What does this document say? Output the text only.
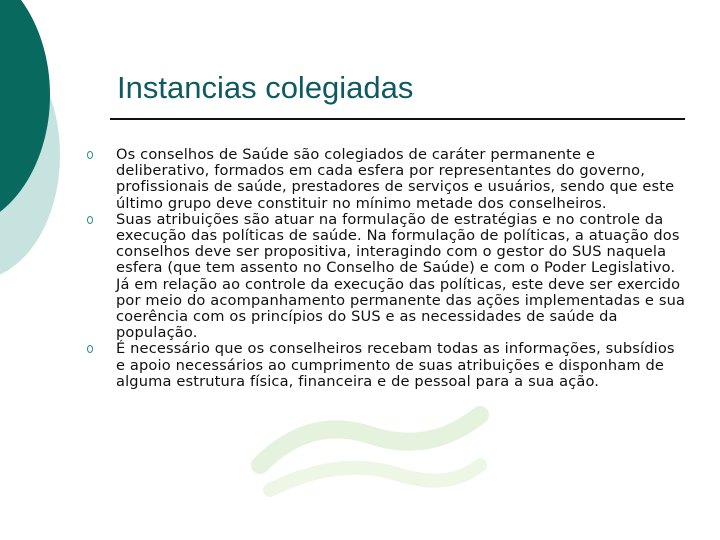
Instancias colegiadas
Os conselhos de Saúde são colegiados de caráter permanente e deliberativo, formados em cada esfera por representantes do governo, profissionais de saúde, prestadores de serviços e usuários, sendo que este último grupo deve constituir no mínimo metade dos conselheiros.
Suas atribuições são atuar na formulação de estratégias e no controle da execução das políticas de saúde. Na formulação de políticas, a atuação dos conselhos deve ser propositiva, interagindo com o gestor do SUS naquela esfera (que tem assento no Conselho de Saúde) e com o Poder Legislativo. Já em relação ao controle da execução das políticas, este deve ser exercido por meio do acompanhamento permanente das ações implementadas e sua coerência com os princípios do SUS e as necessidades de saúde da população.
É necessário que os conselheiros recebam todas as informações, subsídios e apoio necessários ao cumprimento de suas atribuições e disponham de alguma estrutura física, financeira e de pessoal para a sua ação.
